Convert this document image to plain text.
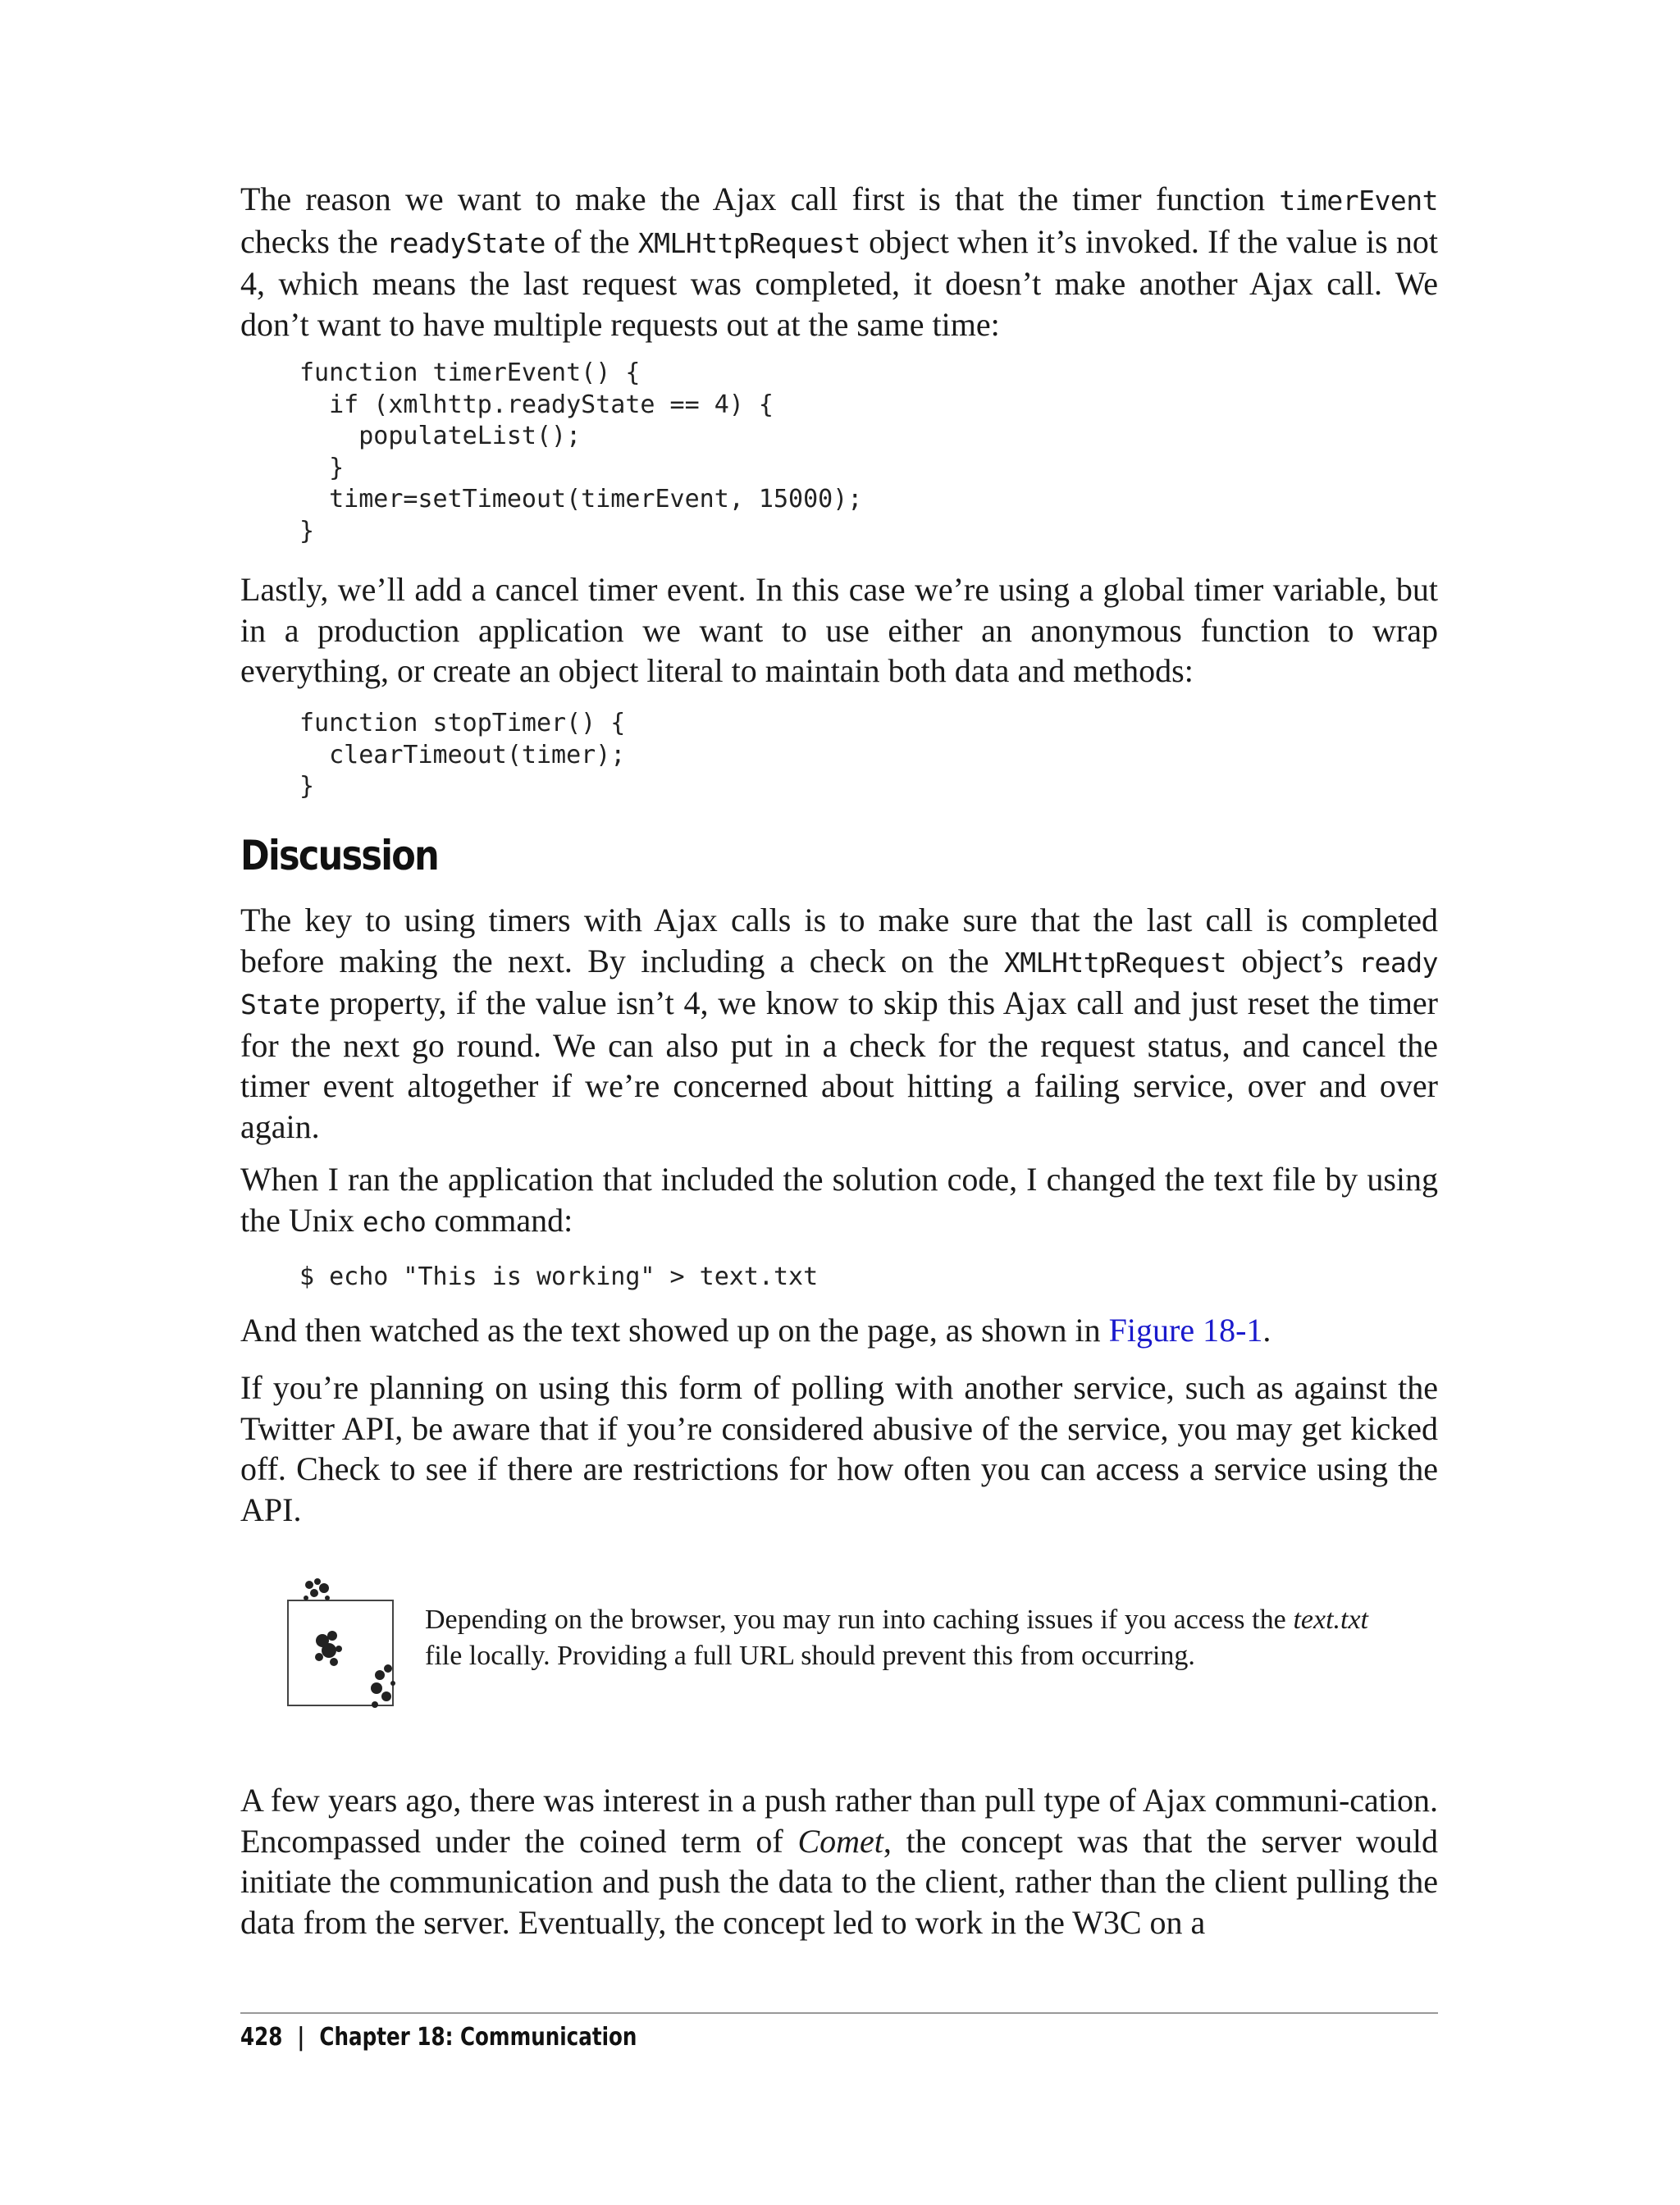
The reason we want to make the Ajax call first is that the timer function timerEvent checks the readyState of the XMLHttpRequest object when it’s invoked. If the value is not 4, which means the last request was completed, it doesn’t make another Ajax call. We don’t want to have multiple requests out at the same time:

function timerEvent() {
if (xmlhttp.readyState == 4) {
populateList();
}
timer=setTimeout(timerEvent, 15000);
}

Lastly, we’ll add a cancel timer event. In this case we’re using a global timer variable, but in a production application we want to use either an anonymous function to wrap everything, or create an object literal to maintain both data and methods:

function stopTimer() {
clearTimeout(timer);
}
Discussion

The key to using timers with Ajax calls is to make sure that the last call is completed before making the next. By including a check on the XMLHttpRequest object’s ready State property, if the value isn’t 4, we know to skip this Ajax call and just reset the timer for the next go round. We can also put in a check for the request status, and cancel the timer event altogether if we’re concerned about hitting a failing service, over and over again.

When I ran the application that included the solution code, I changed the text file by using the Unix echo command:

$ echo "This is working" > text.txt

And then watched as the text showed up on the page, as shown in Figure 18-1.

If you’re planning on using this form of polling with another service, such as against the Twitter API, be aware that if you’re considered abusive of the service, you may get kicked off. Check to see if there are restrictions for how often you can access a service using the API.

Depending on the browser, you may run into caching issues if you access the text.txt file locally. Providing a full URL should prevent this from occurring.

A few years ago, there was interest in a push rather than pull type of Ajax communi-cation. Encompassed under the coined term of Comet, the concept was that the server would initiate the communication and push the data to the client, rather than the client pulling the data from the server. Eventually, the concept led to work in the W3C on a

428 | Chapter 18: Communication
